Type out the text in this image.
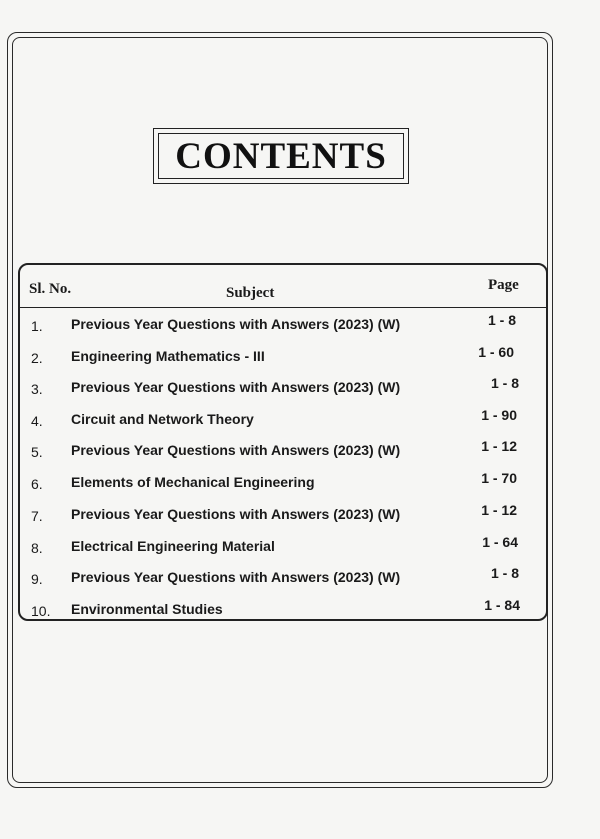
CONTENTS
Sl. No.	Subject	Page
1. Previous Year Questions with Answers (2023) (W)	1 - 8
2. Engineering Mathematics - III	1 - 60
3. Previous Year Questions with Answers (2023) (W)	1 - 8
4. Circuit and Network Theory	1 - 90
5. Previous Year Questions with Answers (2023) (W)	1 - 12
6. Elements of Mechanical Engineering	1 - 70
7. Previous Year Questions with Answers (2023) (W)	1 - 12
8. Electrical Engineering Material	1 - 64
9. Previous Year Questions with Answers (2023) (W)	1 - 8
10. Environmental Studies	1 - 84
